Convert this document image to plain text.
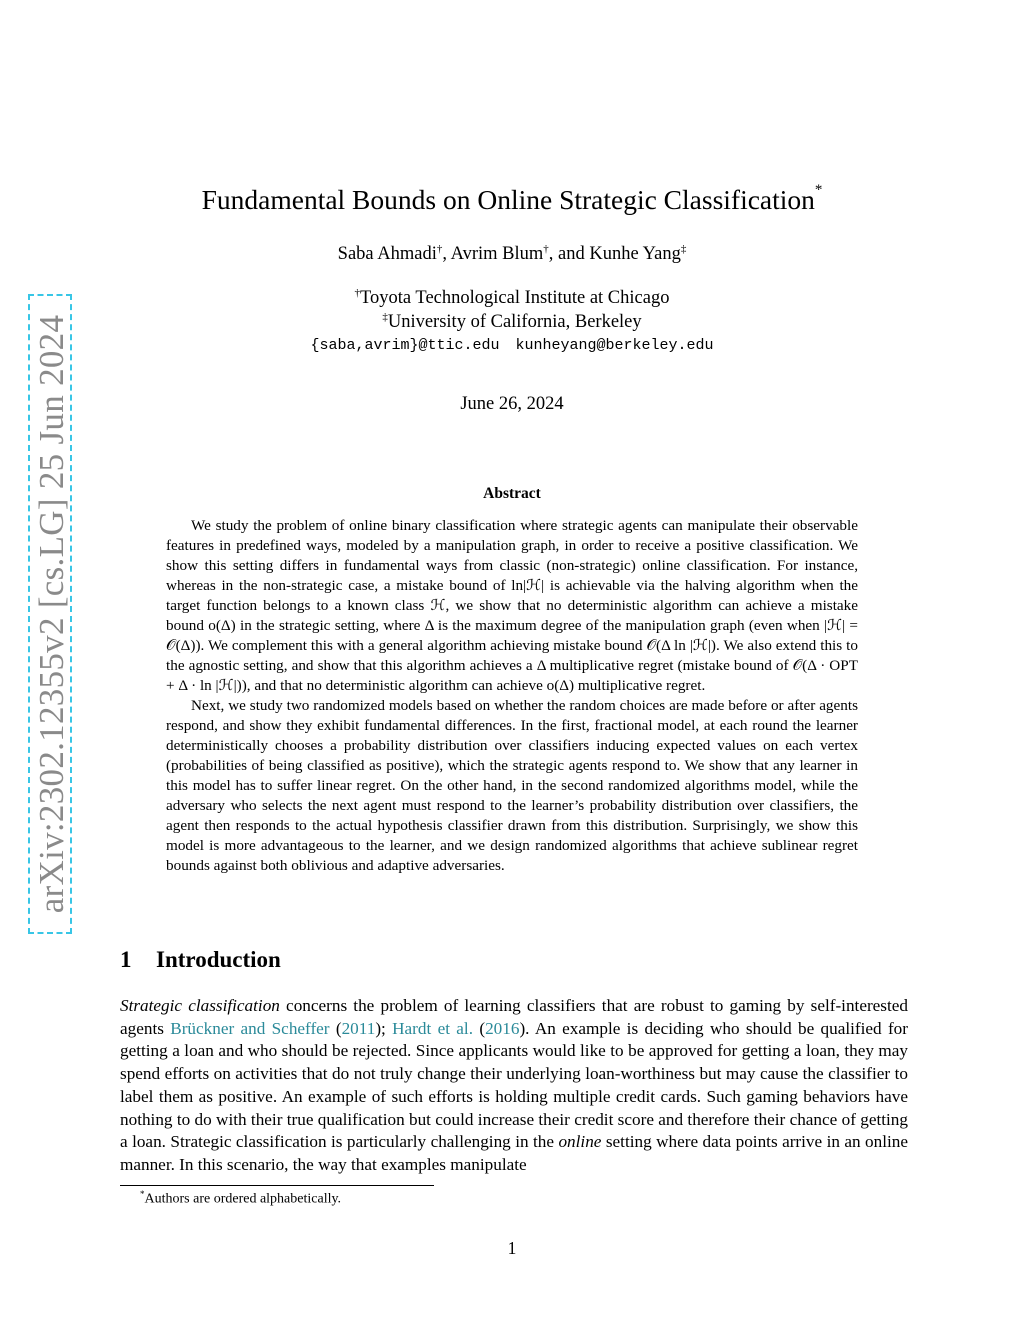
arXiv:2302.12355v2 [cs.LG] 25 Jun 2024
Fundamental Bounds on Online Strategic Classification*
Saba Ahmadi†, Avrim Blum†, and Kunhe Yang‡
†Toyota Technological Institute at Chicago
‡University of California, Berkeley
{saba,avrim}@ttic.edu kunheyang@berkeley.edu
June 26, 2024
Abstract

We study the problem of online binary classification where strategic agents can manipulate their observable features in predefined ways, modeled by a manipulation graph, in order to receive a positive classification. We show this setting differs in fundamental ways from classic (non-strategic) online classification. For instance, whereas in the non-strategic case, a mistake bound of ln|ℋ| is achievable via the halving algorithm when the target function belongs to a known class ℋ, we show that no deterministic algorithm can achieve a mistake bound o(Δ) in the strategic setting, where Δ is the maximum degree of the manipulation graph (even when |ℋ| = 𝒪(Δ)). We complement this with a general algorithm achieving mistake bound 𝒪(Δ ln |ℋ|). We also extend this to the agnostic setting, and show that this algorithm achieves a Δ multiplicative regret (mistake bound of 𝒪(Δ · OPT + Δ · ln |ℋ|)), and that no deterministic algorithm can achieve o(Δ) multiplicative regret.

Next, we study two randomized models based on whether the random choices are made before or after agents respond, and show they exhibit fundamental differences. In the first, fractional model, at each round the learner deterministically chooses a probability distribution over classifiers inducing expected values on each vertex (probabilities of being classified as positive), which the strategic agents respond to. We show that any learner in this model has to suffer linear regret. On the other hand, in the second randomized algorithms model, while the adversary who selects the next agent must respond to the learner’s probability distribution over classifiers, the agent then responds to the actual hypothesis classifier drawn from this distribution. Surprisingly, we show this model is more advantageous to the learner, and we design randomized algorithms that achieve sublinear regret bounds against both oblivious and adaptive adversaries.

1 Introduction

Strategic classification concerns the problem of learning classifiers that are robust to gaming by self-interested agents Brückner and Scheffer (2011); Hardt et al. (2016). An example is deciding who should be qualified for getting a loan and who should be rejected. Since applicants would like to be approved for getting a loan, they may spend efforts on activities that do not truly change their underlying loan-worthiness but may cause the classifier to label them as positive. An example of such efforts is holding multiple credit cards. Such gaming behaviors have nothing to do with their true qualification but could increase their credit score and therefore their chance of getting a loan. Strategic classification is particularly challenging in the online setting where data points arrive in an online manner. In this scenario, the way that examples manipulate

*Authors are ordered alphabetically.
1
